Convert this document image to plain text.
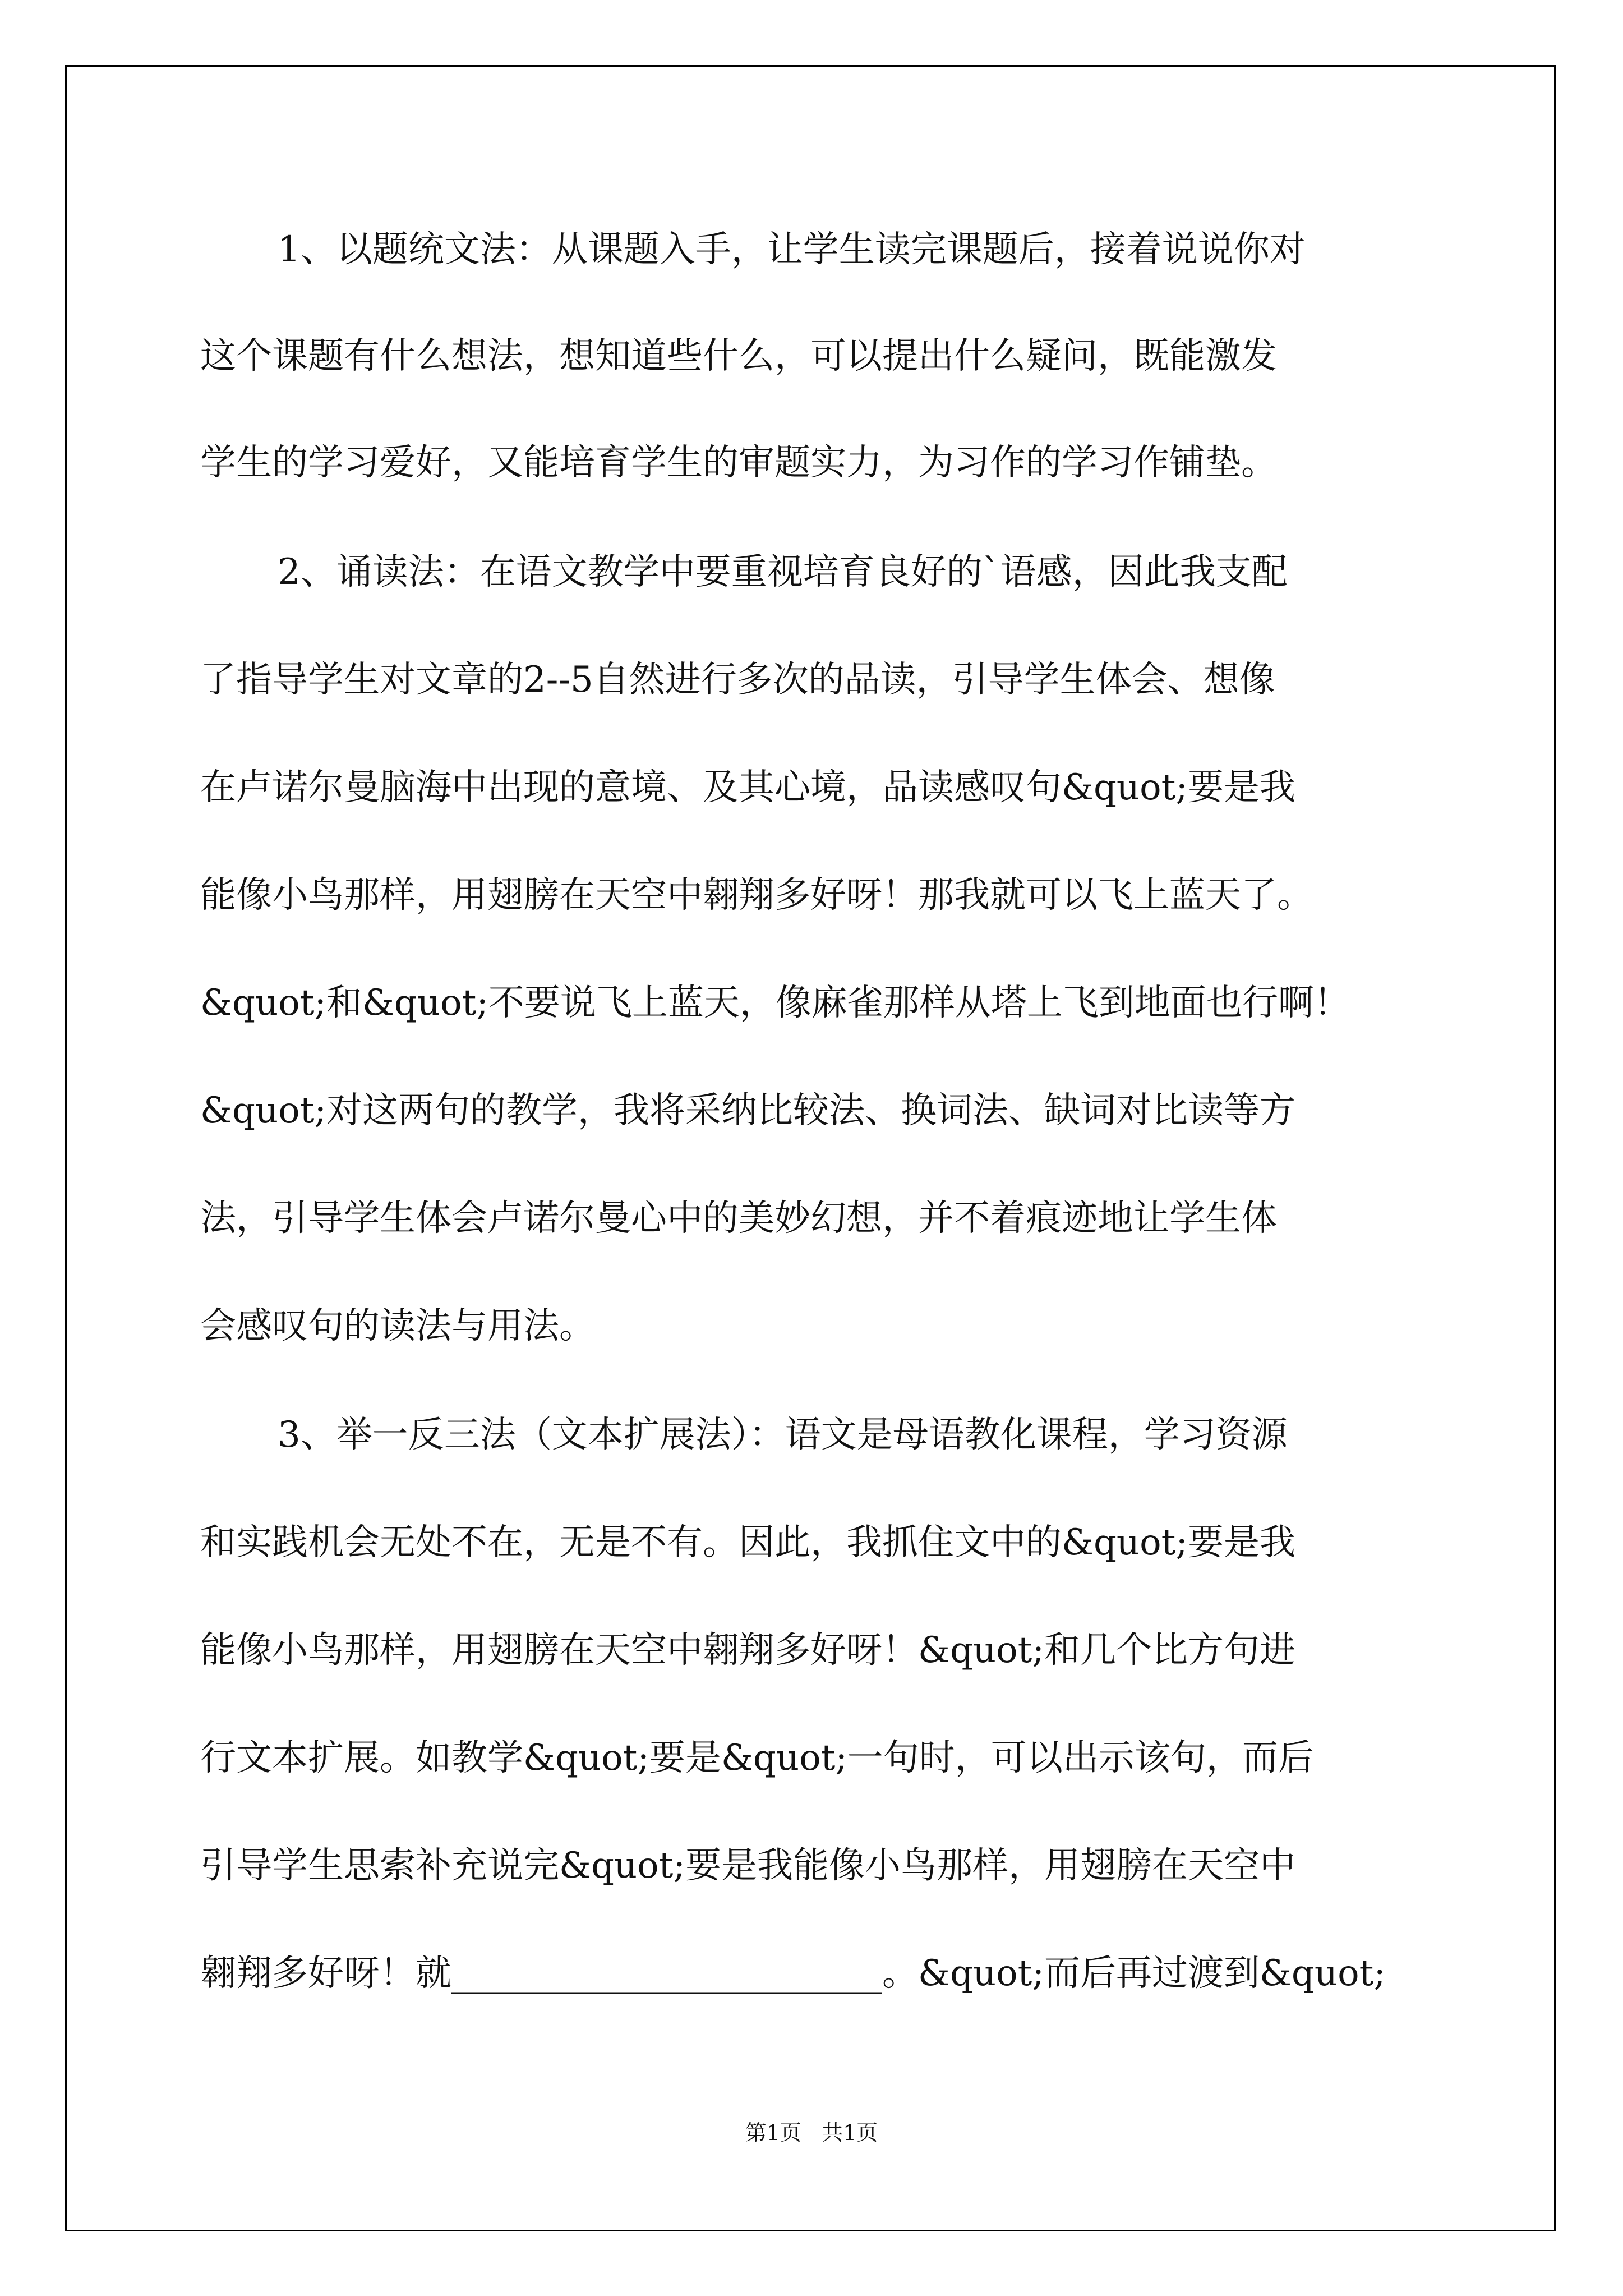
1、以题统文法：从课题入手，让学生读完课题后，接着说说你对
这个课题有什么想法，想知道些什么，可以提出什么疑问，既能激发
学生的学习爱好，又能培育学生的审题实力，为习作的学习作铺垫。
2、诵读法：在语文教学中要重视培育良好的`语感，因此我支配
了指导学生对文章的2--5自然进行多次的品读，引导学生体会、想像
在卢诺尔曼脑海中出现的意境、及其心境，品读感叹句&quot;要是我
能像小鸟那样，用翅膀在天空中翱翔多好呀！那我就可以飞上蓝天了。
&quot;和&quot;不要说飞上蓝天，像麻雀那样从塔上飞到地面也行啊！
&quot;对这两句的教学，我将采纳比较法、换词法、缺词对比读等方
法，引导学生体会卢诺尔曼心中的美妙幻想，并不着痕迹地让学生体
会感叹句的读法与用法。
3、举一反三法（文本扩展法）：语文是母语教化课程，学习资源
和实践机会无处不在，无是不有。因此，我抓住文中的&quot;要是我
能像小鸟那样，用翅膀在天空中翱翔多好呀！&quot;和几个比方句进
行文本扩展。如教学&quot;要是&quot;一句时，可以出示该句，而后
引导学生思索补充说完&quot;要是我能像小鸟那样，用翅膀在天空中
翱翔多好呀！就________________________。&quot;而后再过渡到&quot;
第1页   共1页
